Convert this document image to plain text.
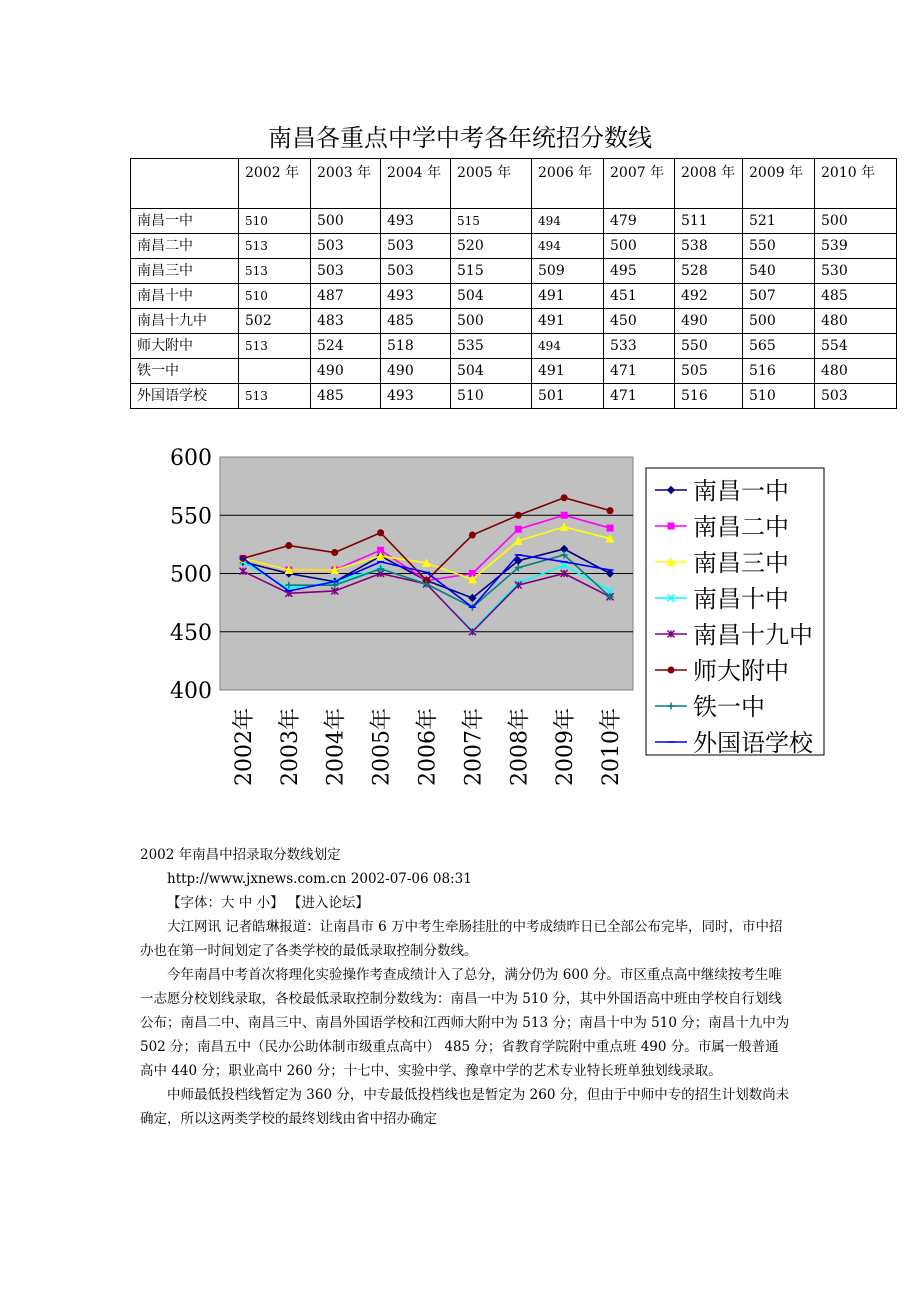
南昌各重点中学中考各年统招分数线
	2002 年	2003 年	2004 年	2005 年	2006 年	2007 年	2008 年	2009 年	2010 年
南昌一中	510	500	493	515	494	479	511	521	500
南昌二中	513	503	503	520	494	500	538	550	539
南昌三中	513	503	503	515	509	495	528	540	530
南昌十中	510	487	493	504	491	451	492	507	485
南昌十九中	502	483	485	500	491	450	490	500	480
师大附中	513	524	518	535	494	533	550	565	554
铁一中		490	490	504	491	471	505	516	480
外国语学校	513	485	493	510	501	471	516	510	503
400
450
500
550
600
2002年 2003年 2004年 2005年 2006年 2007年 2008年 2009年 2010年
南昌一中
南昌二中
南昌三中
南昌十中
南昌十九中
师大附中
铁一中
外国语学校

2002 年南昌中招录取分数线划定

http://www.jxnews.com.cn 2002-07-06 08:31

【字体：大 中 小】 【进入论坛】

大江网讯 记者皓琳报道：让南昌市 6 万中考生牵肠挂肚的中考成绩昨日已全部公布完毕，同时，市中招办也在第一时间划定了各类学校的最低录取控制分数线。

今年南昌中考首次将理化实验操作考查成绩计入了总分，满分仍为 600 分。市区重点高中继续按考生唯一志愿分校划线录取，各校最低录取控制分数线为：南昌一中为 510 分，其中外国语高中班由学校自行划线公布；南昌二中、南昌三中、南昌外国语学校和江西师大附中为 513 分；南昌十中为 510 分；南昌十九中为 502 分；南昌五中（民办公助体制市级重点高中） 485 分；省教育学院附中重点班 490 分。市属一般普通高中 440 分；职业高中 260 分；十七中、实验中学、豫章中学的艺术专业特长班单独划线录取。

中师最低投档线暂定为 360 分，中专最低投档线也是暂定为 260 分，但由于中师中专的招生计划数尚未确定，所以这两类学校的最终划线由省中招办确定
